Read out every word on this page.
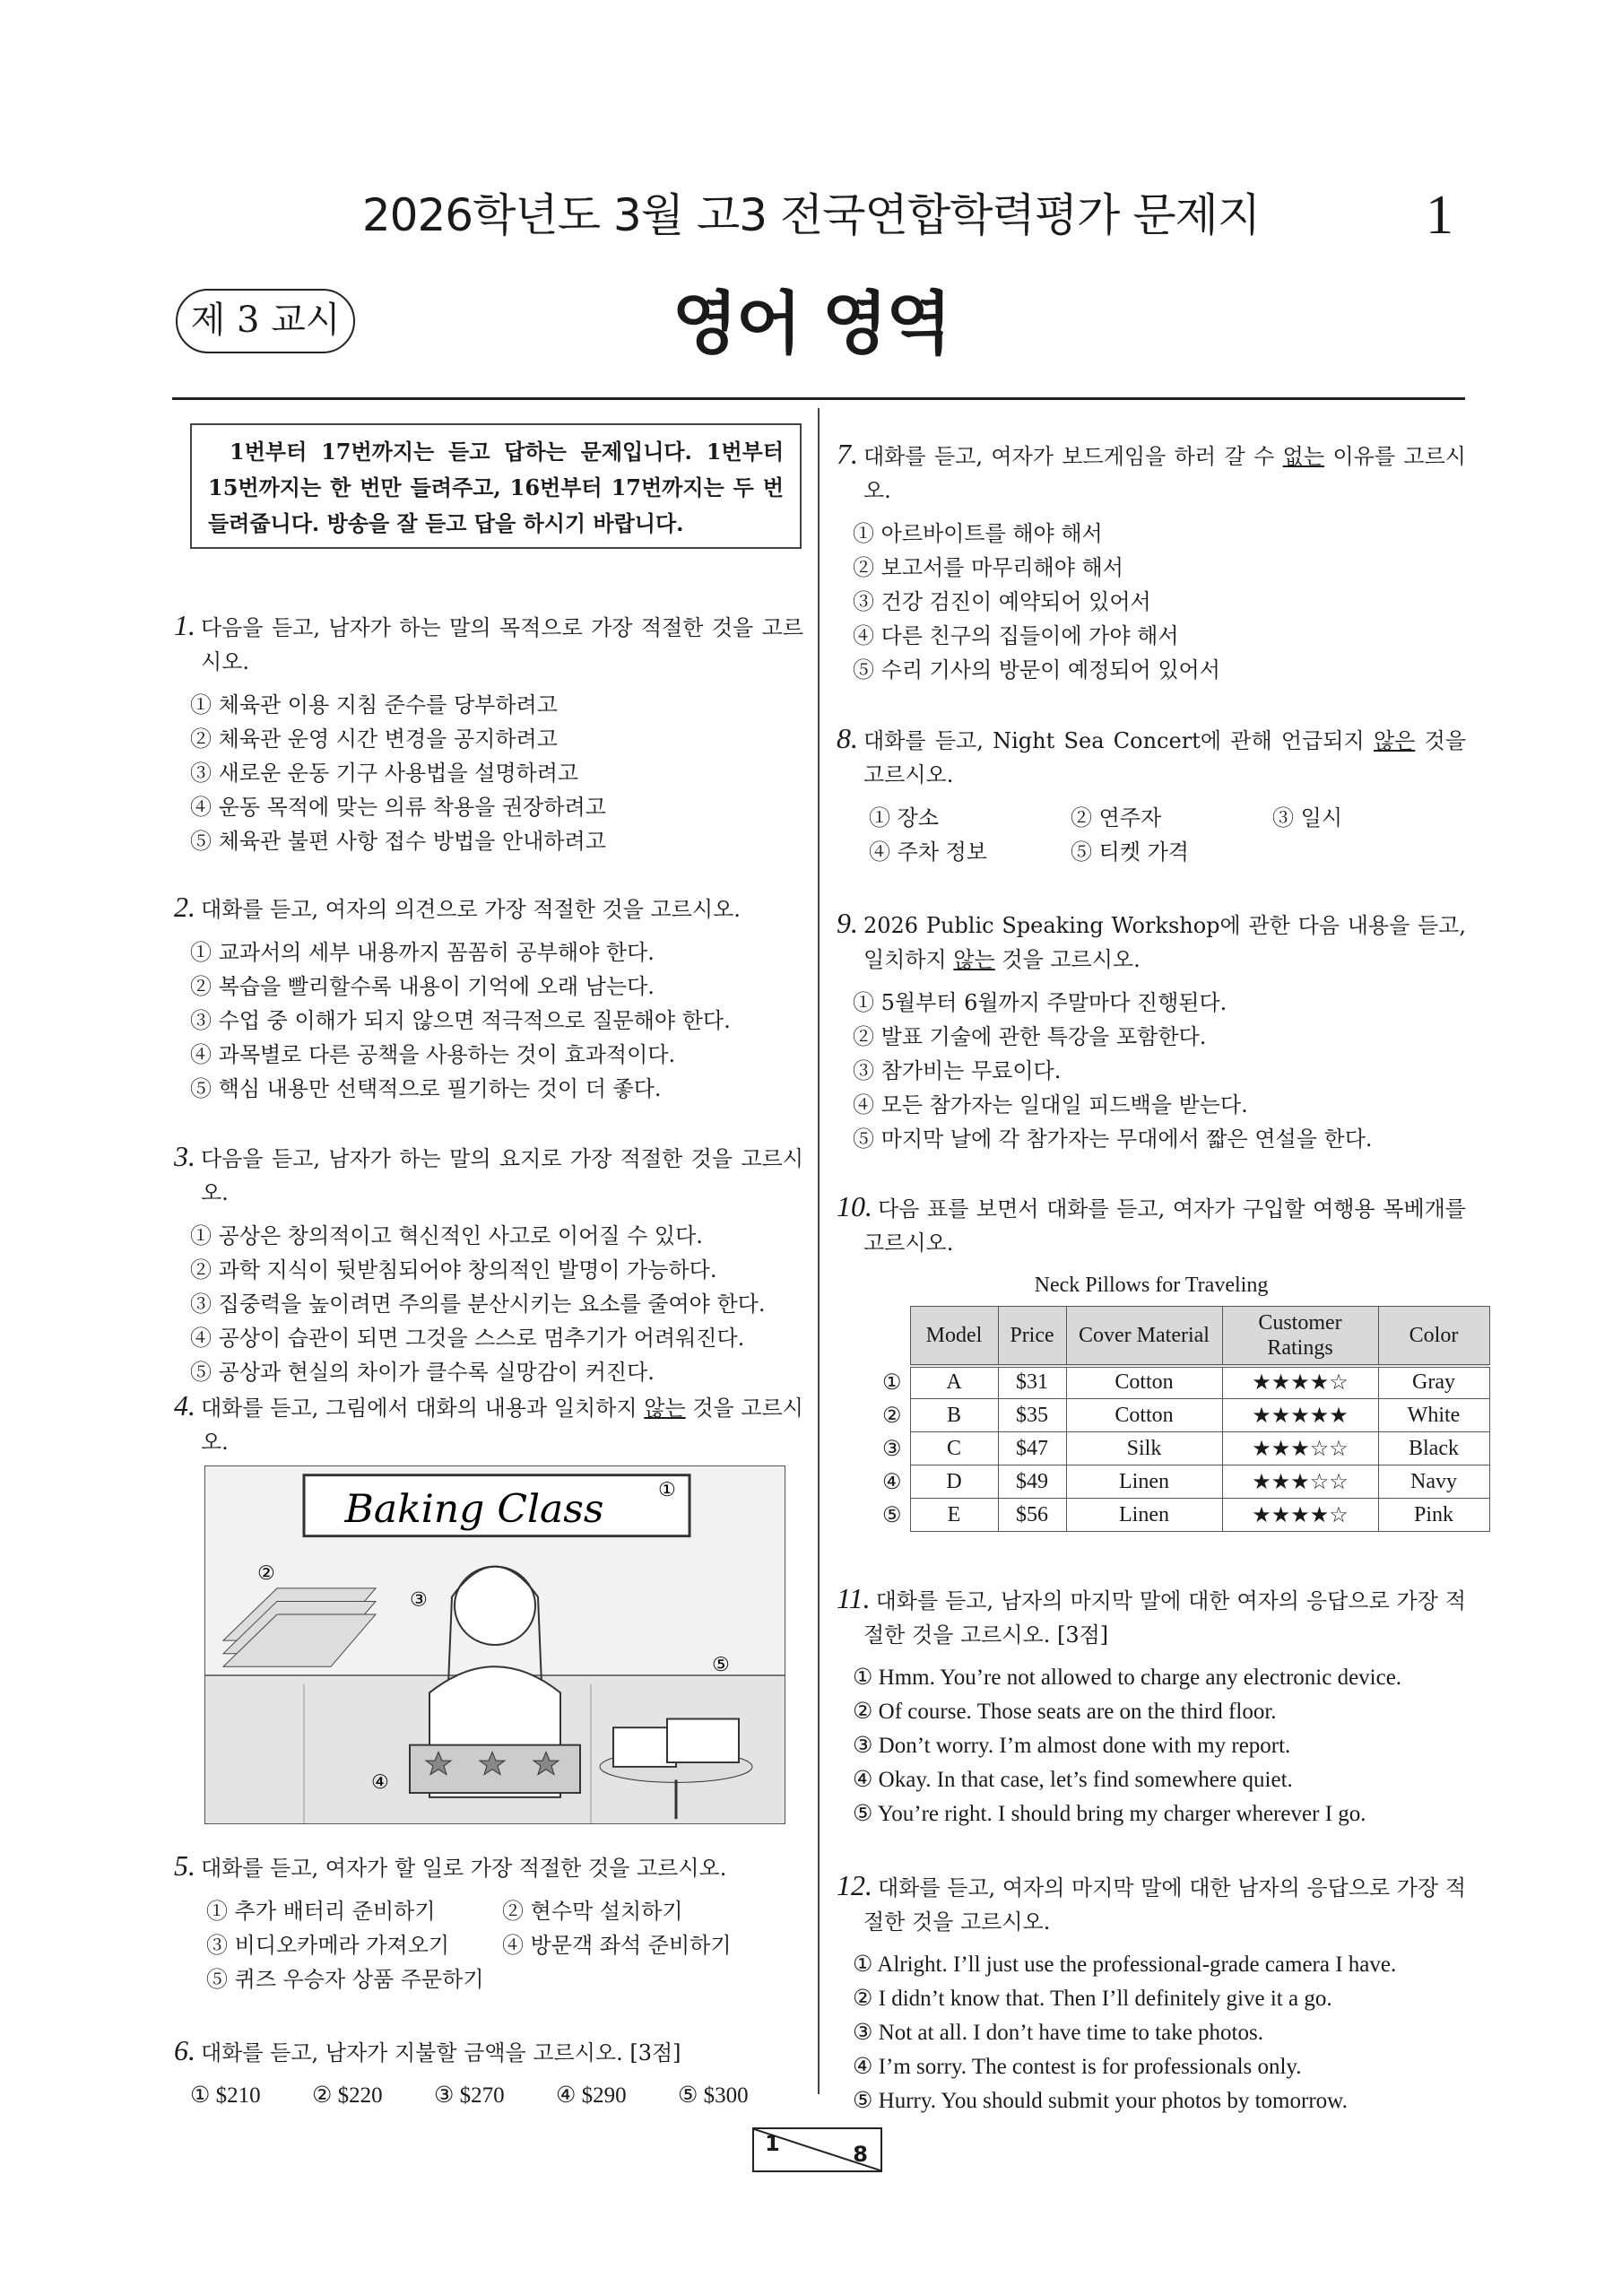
2026학년도 3월 고3 전국연합학력평가 문제지	1
제 3 교시	영어 영역
1번부터 17번까지는 듣고 답하는 문제입니다. 1번부터 15번까지는 한 번만 들려주고, 16번부터 17번까지는 두 번 들려줍니다. 방송을 잘 듣고 답을 하시기 바랍니다.
1. 다음을 듣고, 남자가 하는 말의 목적으로 가장 적절한 것을 고르시오.
① 체육관 이용 지침 준수를 당부하려고
② 체육관 운영 시간 변경을 공지하려고
③ 새로운 운동 기구 사용법을 설명하려고
④ 운동 목적에 맞는 의류 착용을 권장하려고
⑤ 체육관 불편 사항 접수 방법을 안내하려고
2. 대화를 듣고, 여자의 의견으로 가장 적절한 것을 고르시오.
① 교과서의 세부 내용까지 꼼꼼히 공부해야 한다.
② 복습을 빨리할수록 내용이 기억에 오래 남는다.
③ 수업 중 이해가 되지 않으면 적극적으로 질문해야 한다.
④ 과목별로 다른 공책을 사용하는 것이 효과적이다.
⑤ 핵심 내용만 선택적으로 필기하는 것이 더 좋다.
3. 다음을 듣고, 남자가 하는 말의 요지로 가장 적절한 것을 고르시오.
① 공상은 창의적이고 혁신적인 사고로 이어질 수 있다.
② 과학 지식이 뒷받침되어야 창의적인 발명이 가능하다.
③ 집중력을 높이려면 주의를 분산시키는 요소를 줄여야 한다.
④ 공상이 습관이 되면 그것을 스스로 멈추기가 어려워진다.
⑤ 공상과 현실의 차이가 클수록 실망감이 커진다.
4. 대화를 듣고, 그림에서 대화의 내용과 일치하지 않는 것을 고르시오.
5. 대화를 듣고, 여자가 할 일로 가장 적절한 것을 고르시오.
① 추가 배터리 준비하기	② 현수막 설치하기
③ 비디오카메라 가져오기	④ 방문객 좌석 준비하기
⑤ 퀴즈 우승자 상품 주문하기
6. 대화를 듣고, 남자가 지불할 금액을 고르시오. [3점]
① $210	② $220	③ $270	④ $290	⑤ $300
7. 대화를 듣고, 여자가 보드게임을 하러 갈 수 없는 이유를 고르시오.
① 아르바이트를 해야 해서
② 보고서를 마무리해야 해서
③ 건강 검진이 예약되어 있어서
④ 다른 친구의 집들이에 가야 해서
⑤ 수리 기사의 방문이 예정되어 있어서
8. 대화를 듣고, Night Sea Concert에 관해 언급되지 않은 것을 고르시오.
① 장소	② 연주자	③ 일시
④ 주차 정보	⑤ 티켓 가격
9. 2026 Public Speaking Workshop에 관한 다음 내용을 듣고, 일치하지 않는 것을 고르시오.
① 5월부터 6월까지 주말마다 진행된다.
② 발표 기술에 관한 특강을 포함한다.
③ 참가비는 무료이다.
④ 모든 참가자는 일대일 피드백을 받는다.
⑤ 마지막 날에 각 참가자는 무대에서 짧은 연설을 한다.
10. 다음 표를 보면서 대화를 듣고, 여자가 구입할 여행용 목베개를 고르시오.
11. 대화를 듣고, 남자의 마지막 말에 대한 여자의 응답으로 가장 적절한 것을 고르시오. [3점]
① Hmm. You’re not allowed to charge any electronic device.
② Of course. Those seats are on the third floor.
③ Don’t worry. I’m almost done with my report.
④ Okay. In that case, let’s find somewhere quiet.
⑤ You’re right. I should bring my charger wherever I go.
12. 대화를 듣고, 여자의 마지막 말에 대한 남자의 응답으로 가장 적절한 것을 고르시오.
① Alright. I’ll just use the professional-grade camera I have.
② I didn’t know that. Then I’ll definitely give it a go.
③ Not at all. I don’t have time to take photos.
④ I’m sorry. The contest is for professionals only.
⑤ Hurry. You should submit your photos by tomorrow.
Neck Pillows for Traveling
	Model	Price	Cover Material	Customer Ratings	Color
①	A	$31	Cotton	★★★★☆	Gray
②	B	$35	Cotton	★★★★★	White
③	C	$47	Silk	★★★☆☆	Black
④	D	$49	Linen	★★★☆☆	Navy
⑤	E	$56	Linen	★★★★☆	Pink
Baking Class	①
②
③
④
⑤
1	8
